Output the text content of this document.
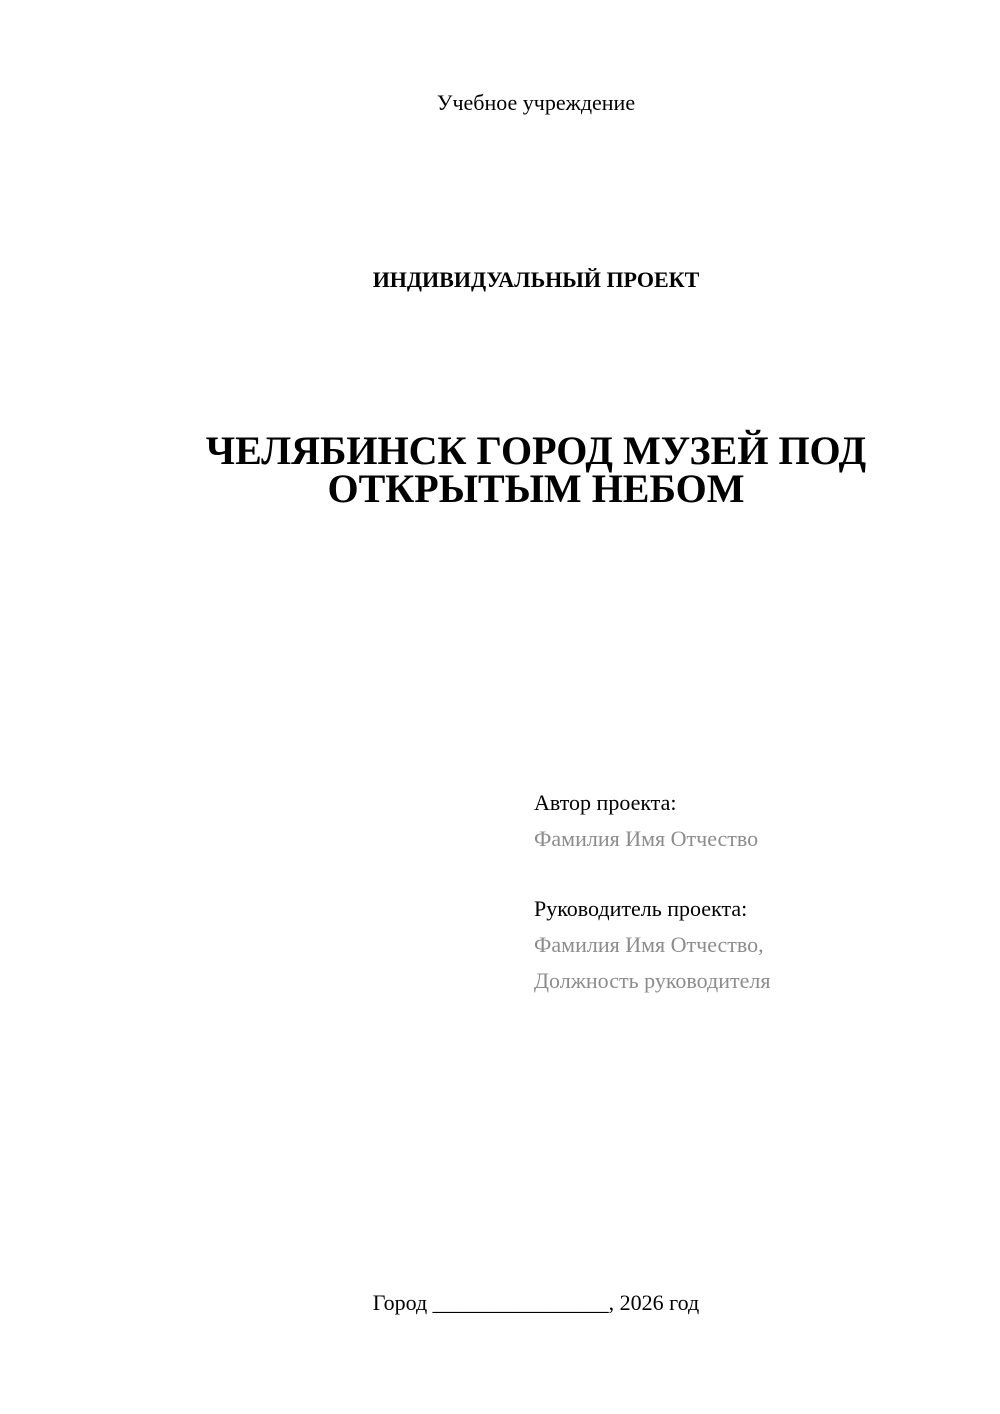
Учебное учреждение
ИНДИВИДУАЛЬНЫЙ ПРОЕКТ
ЧЕЛЯБИНСК ГОРОД МУЗЕЙ ПОД
ОТКРЫТЫМ НЕБОМ
Автор проекта:
Фамилия Имя Отчество
Руководитель проекта:
Фамилия Имя Отчество,
Должность руководителя
Город ________________, 2026 год
